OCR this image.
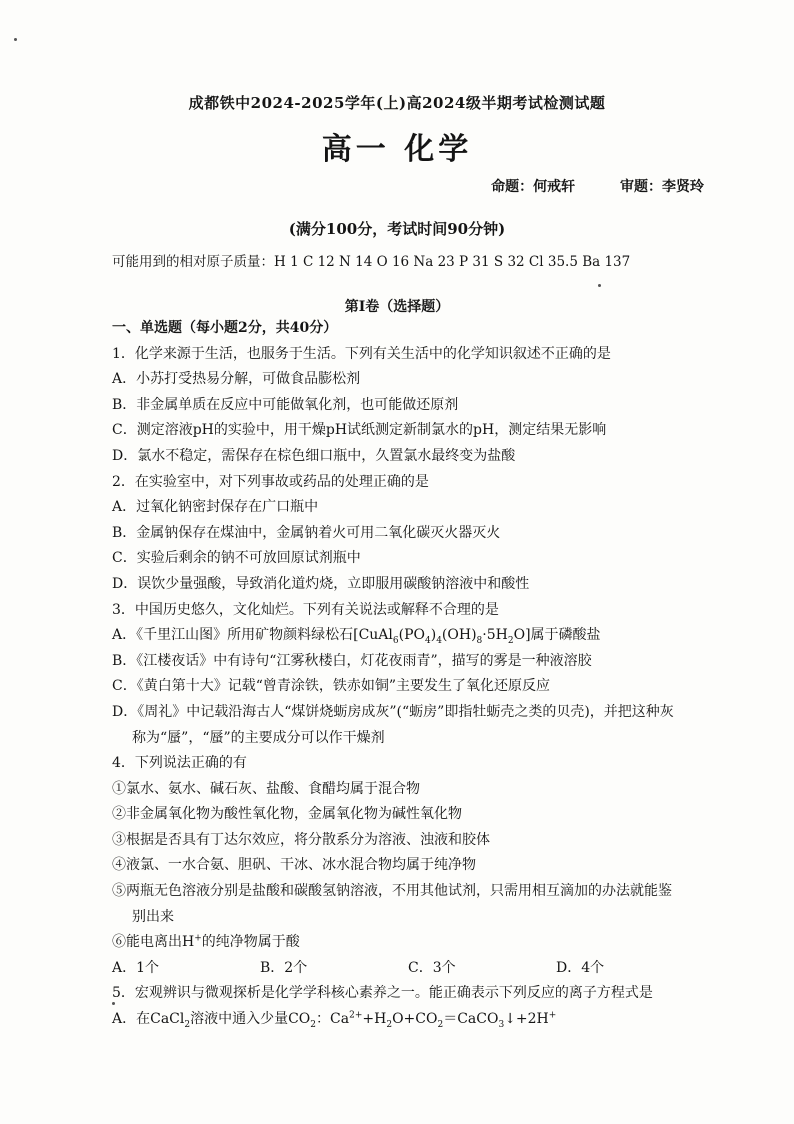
成都铁中2024-2025学年(上)高2024级半期考试检测试题
高一 化学
命题：何戒轩	审题：李贤玲
(满分100分，考试时间90分钟)
可能用到的相对原子质量：H 1 C 12 N 14 O 16 Na 23 P 31 S 32 Cl 35.5 Ba 137
第Ⅰ卷（选择题）
一、单选题（每小题2分，共40分）
1．化学来源于生活，也服务于生活。下列有关生活中的化学知识叙述不正确的是
A．小苏打受热易分解，可做食品膨松剂
B．非金属单质在反应中可能做氧化剂，也可能做还原剂
C．测定溶液pH的实验中，用干燥pH试纸测定新制氯水的pH，测定结果无影响
D．氯水不稳定，需保存在棕色细口瓶中，久置氯水最终变为盐酸
2．在实验室中，对下列事故或药品的处理正确的是
A．过氧化钠密封保存在广口瓶中
B．金属钠保存在煤油中，金属钠着火可用二氧化碳灭火器灭火
C．实验后剩余的钠不可放回原试剂瓶中
D．误饮少量强酸，导致消化道灼烧，立即服用碳酸钠溶液中和酸性
3．中国历史悠久，文化灿烂。下列有关说法或解释不合理的是
A．《千里江山图》所用矿物颜料绿松石$[CuAl_6(PO_4)_4(OH)_8\cdot 5H_2O]$属于磷酸盐
B．《江楼夜话》中有诗句“江雾秋楼白，灯花夜雨青”，描写的雾是一种液溶胶
C．《黄白第十大》记载“曾青涂铁，铁赤如铜”主要发生了氧化还原反应
D．《周礼》中记载沿海古人“煤饼烧蛎房成灰”(“蛎房”即指牡蛎壳之类的贝壳)，并把这种灰
称为“蜃”，“蜃”的主要成分可以作干燥剂
4．下列说法正确的有
①氯水、氨水、碱石灰、盐酸、食醋均属于混合物
②非金属氧化物为酸性氧化物，金属氧化物为碱性氧化物
③根据是否具有丁达尔效应，将分散系分为溶液、浊液和胶体
④液氯、一水合氨、胆矾、干冰、冰水混合物均属于纯净物
⑤两瓶无色溶液分别是盐酸和碳酸氢钠溶液，不用其他试剂，只需用相互滴加的办法就能鉴
别出来
⑥能电离出H+的纯净物属于酸
A．1个	B．2个	C．3个	D．4个
5．宏观辨识与微观探析是化学学科核心素养之一。能正确表示下列反应的离子方程式是
A．在CaCl$_2$溶液中通入少量$CO_2$：$Ca^{2+}+H_2O+CO_2=CaCO_3↓+2H^+$
